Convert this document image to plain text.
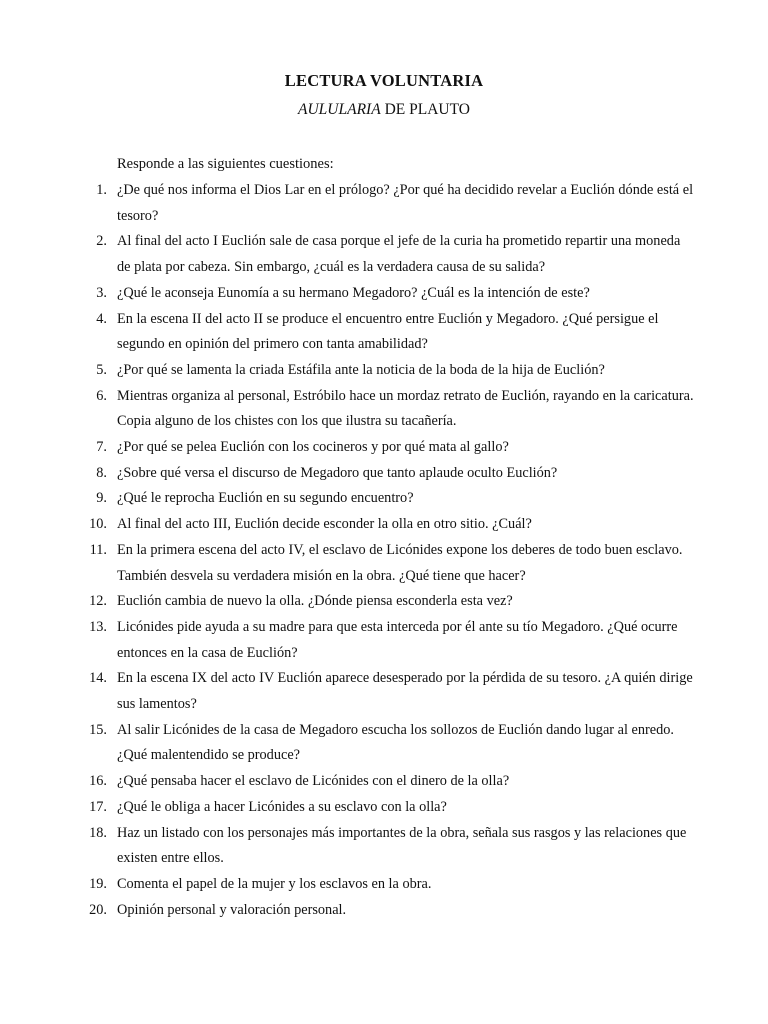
LECTURA VOLUNTARIA
AULULARIA DE PLAUTO
Responde a las siguientes cuestiones:
1. ¿De qué nos informa el Dios Lar en el prólogo? ¿Por qué ha decidido revelar a Euclión dónde está el tesoro?
2. Al final del acto I Euclión sale de casa porque el jefe de la curia ha prometido repartir una moneda de plata por cabeza. Sin embargo, ¿cuál es la verdadera causa de su salida?
3. ¿Qué le aconseja Eunomía a su hermano Megadoro? ¿Cuál es la intención de este?
4. En la escena II del acto II se produce el encuentro entre Euclión y Megadoro. ¿Qué persigue el segundo en opinión del primero con tanta amabilidad?
5. ¿Por qué se lamenta la criada Estáfila ante la noticia de la boda de la hija de Euclión?
6. Mientras organiza al personal, Estróbilo hace un mordaz retrato de Euclión, rayando en la caricatura. Copia alguno de los chistes con los que ilustra su tacañería.
7. ¿Por qué se pelea Euclión con los cocineros y por qué mata al gallo?
8. ¿Sobre qué versa el discurso de Megadoro que tanto aplaude oculto Euclión?
9. ¿Qué le reprocha Euclión en su segundo encuentro?
10. Al final del acto III, Euclión decide esconder la olla en otro sitio. ¿Cuál?
11. En la primera escena del acto IV, el esclavo de Licónides expone los deberes de todo buen esclavo. También desvela su verdadera misión en la obra. ¿Qué tiene que hacer?
12. Euclión cambia de nuevo la olla. ¿Dónde piensa esconderla esta vez?
13. Licónides pide ayuda a su madre para que esta interceda por él ante su tío Megadoro. ¿Qué ocurre entonces en la casa de Euclión?
14. En la escena IX del acto IV Euclión aparece desesperado por la pérdida de su tesoro. ¿A quién dirige sus lamentos?
15. Al salir Licónides de la casa de Megadoro escucha los sollozos de Euclión dando lugar al enredo. ¿Qué malentendido se produce?
16. ¿Qué pensaba hacer el esclavo de Licónides con el dinero de la olla?
17. ¿Qué le obliga a hacer Licónides a su esclavo con la olla?
18. Haz un listado con los personajes más importantes de la obra, señala sus rasgos y las relaciones que existen entre ellos.
19. Comenta el papel de la mujer y los esclavos en la obra.
20. Opinión personal y valoración personal.
